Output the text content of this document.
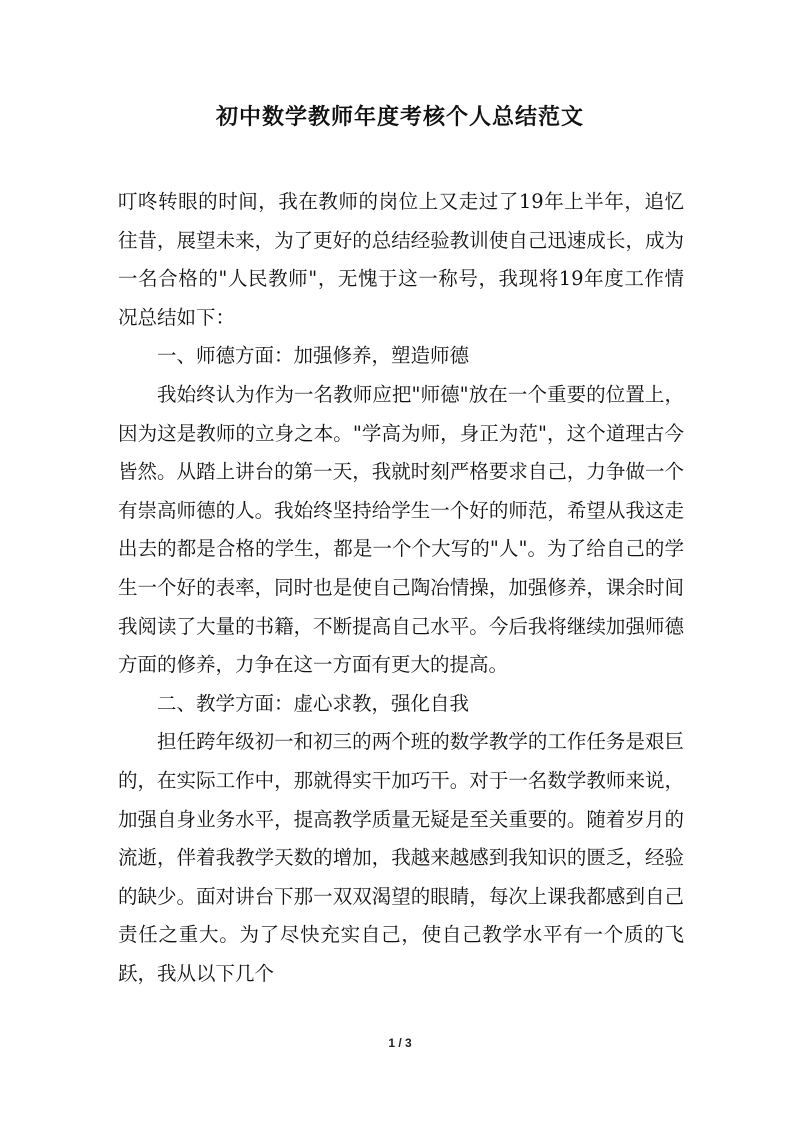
初中数学教师年度考核个人总结范文

叮咚转眼的时间，我在教师的岗位上又走过了19年上半年，追忆往昔，展望未来，为了更好的总结经验教训使自己迅速成长，成为一名合格的"人民教师"，无愧于这一称号，我现将19年度工作情况总结如下：

一、师德方面：加强修养，塑造师德

我始终认为作为一名教师应把"师德"放在一个重要的位置上，因为这是教师的立身之本。"学高为师，身正为范"，这个道理古今皆然。从踏上讲台的第一天，我就时刻严格要求自己，力争做一个有崇高师德的人。我始终坚持给学生一个好的师范，希望从我这走出去的都是合格的学生，都是一个个大写的"人"。为了给自己的学生一个好的表率，同时也是使自己陶冶情操，加强修养，课余时间我阅读了大量的书籍，不断提高自己水平。今后我将继续加强师德方面的修养，力争在这一方面有更大的提高。

二、教学方面：虚心求教，强化自我

担任跨年级初一和初三的两个班的数学教学的工作任务是艰巨的，在实际工作中，那就得实干加巧干。对于一名数学教师来说，加强自身业务水平，提高教学质量无疑是至关重要的。随着岁月的流逝，伴着我教学天数的增加，我越来越感到我知识的匮乏，经验的缺少。面对讲台下那一双双渴望的眼睛，每次上课我都感到自己责任之重大。为了尽快充实自己，使自己教学水平有一个质的飞跃，我从以下几个

1 / 3
